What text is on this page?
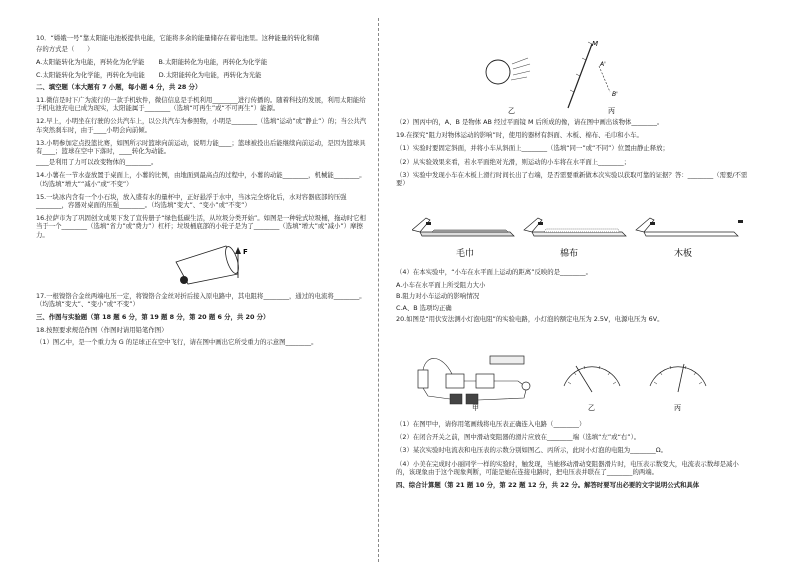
10．“嫦娥一号”靠太阳能电池板提供电能，它能将多余的能量储存在蓄电池里。这种能量的转化和储
存的方式是（　　）
A.太阳能转化为电能，再转化为化学能 B.太阳能转化为电能，再转化为化学能
C.太阳能转化为化学能，再转化为电能 D.太阳能转化为电能，再转化为光能
二、填空题（本大题有 7 小题，每小题 4 分，共 28 分）
11.微信是时下广为流行的一款手机软件，微信信息是手机利用________进行传播的。随着科技的发展，利用太阳能给手机电池充电已成为现实，太阳能属于________（选填“可再生”或“不可再生”）能源。
12.早上，小明坐在行驶的公共汽车上，以公共汽车为参照物，小明是________（选填“运动”或“静止”）的；当公共汽车突然刹车时，由于____小明会向前倾。
13.小明参加定点投篮比赛，如图所示时篮球向前运动，说明力能____；篮球被投出后能继续向前运动，是因为篮球具有____；篮球在空中下落时，____转化为动能。
____是利用了力可以改变物体的________。
14.小薯在一节水壶放置于桌面上，小薯的比例，由地面到最高点的过程中，小薯的动能________，机械能________。（均选填“增大”“减小”或“不变”）
15.一块冰内含有一个小石块，放入盛有水的量杯中，正好悬浮于水中，当冰完全熔化后，水对容器底部的压强________，容器对桌面的压强________。（均选填“变大”、“变小”或“不变”）
16.拉萨市为了巩固创文成果下发了宣传册子“绿色低碳生活，从垃圾分类开始”。如图是一种轮式垃圾桶，拖动时它相当于一个________（选填“省力”或“费力”）杠杆；垃圾桶底部的小轮子是为了________（选填“增大”或“减小”）摩擦力。
F
17.一根镍铬合金丝两端电压一定，将镍铬合金丝对折后接入原电路中，其电阻将________，通过的电流将________。（均选填“变大”、“变小”或“不变”）
三、作图与实验题（第 18 题 6 分，第 19 题 8 分，第 20 题 6 分，共 20 分）
18.按照要求规范作图（作图时请用铅笔作图）
（1）图乙中，是一个重力为 G 的足球正在空中飞行，请在图中画出它所受重力的示意图________。
乙
M
A'
B'
丙
（2）图丙中的，A、B 是物体 AB 经过平面镜 M 后所成的像，请在图中画出该物体________。
19.在探究“阻力对物体运动的影响”时，使用的器材有斜面、木板、棉布、毛巾和小车。
（1）实验时要固定斜面，并将小车从斜面上________（选填“同一”或“不同”）位置由静止释放；
（2）从实验效果来看，若水平面绝对光滑，则运动的小车将在水平面上________；
（3）实验中发现小车在木板上滑行时间长出了右端，是否需要重新做本次实验以获取可靠的证据？答：________（需要/不需要）
毛巾	棉布	木板
（4）在本实验中，“小车在水平面上运动的距离”反映的是________。
A.小车在水平面上所受阻力大小
B.阻力对小车运动的影响情况
C.A、B 选项均正确
20.如图是“用伏安法测小灯泡电阻”的实验电路，小灯泡的额定电压为 2.5V，电源电压为 6V。
甲	乙	丙
（1）在图甲中，请你用笔画线将电压表正确连入电路（________）
（2）在闭合开关之前，图中滑动变阻器的滑片应放在________端（选填“左”或“右”）。
（3）某次实验时电流表和电压表的示数分别如图乙、丙所示，此时小灯泡的电阻为________Ω。
（4）小美在完成时小丽同学一样的实验时，触发现，当她移动滑动变阻器滑片时，电压表示数变大，电流表示数却是减小的，该现象由于这个现象判断，可能是她在连接电路时，把电压表并联在了________的两端。
四、综合计算题（第 21 题 10 分，第 22 题 12 分，共 22 分。解答时要写出必要的文字说明公式和具体
